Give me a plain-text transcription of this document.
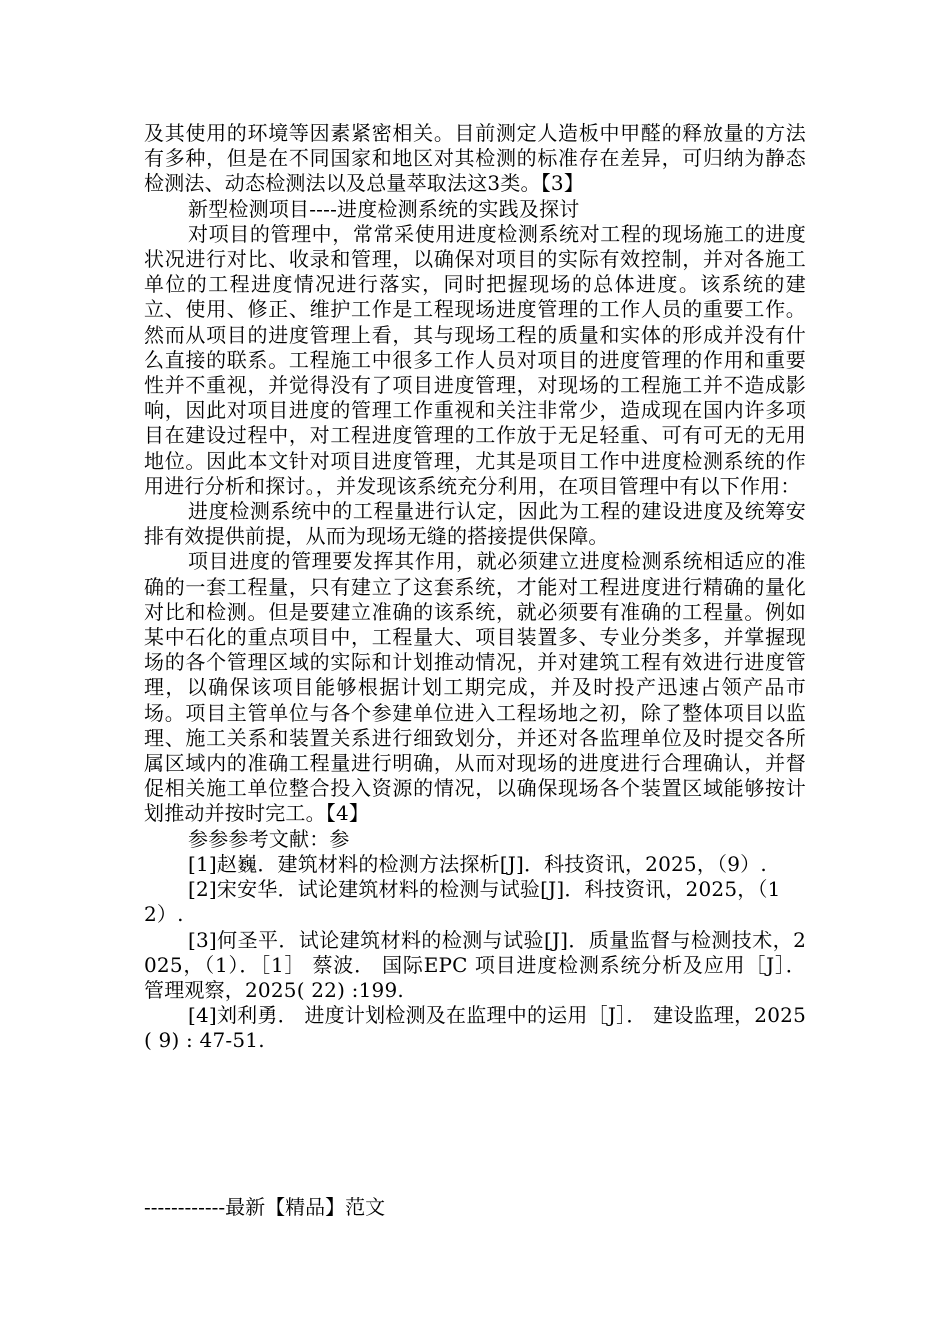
及其使用的环境等因素紧密相关。目前测定人造板中甲醛的释放量的方法有多种，但是在不同国家和地区对其检测的标准存在差异，可归纳为静态检测法、动态检测法以及总量萃取法这3类。【3】

新型检测项目----进度检测系统的实践及探讨

对项目的管理中，常常采使用进度检测系统对工程的现场施工的进度状况进行对比、收录和管理，以确保对项目的实际有效控制，并对各施工单位的工程进度情况进行落实，同时把握现场的总体进度。该系统的建立、使用、修正、维护工作是工程现场进度管理的工作人员的重要工作。然而从项目的进度管理上看，其与现场工程的质量和实体的形成并没有什么直接的联系。工程施工中很多工作人员对项目的进度管理的作用和重要性并不重视，并觉得没有了项目进度管理，对现场的工程施工并不造成影响，因此对项目进度的管理工作重视和关注非常少，造成现在国内许多项目在建设过程中，对工程进度管理的工作放于无足轻重、可有可无的无用地位。因此本文针对项目进度管理，尤其是项目工作中进度检测系统的作用进行分析和探讨。，并发现该系统充分利用，在项目管理中有以下作用：

进度检测系统中的工程量进行认定，因此为工程的建设进度及统筹安排有效提供前提，从而为现场无缝的搭接提供保障。

项目进度的管理要发挥其作用，就必须建立进度检测系统相适应的准确的一套工程量，只有建立了这套系统，才能对工程进度进行精确的量化对比和检测。但是要建立准确的该系统，就必须要有准确的工程量。例如某中石化的重点项目中，工程量大、项目装置多、专业分类多，并掌握现场的各个管理区域的实际和计划推动情况，并对建筑工程有效进行进度管理，以确保该项目能够根据计划工期完成，并及时投产迅速占领产品市场。项目主管单位与各个参建单位进入工程场地之初，除了整体项目以监理、施工关系和装置关系进行细致划分，并还对各监理单位及时提交各所属区域内的准确工程量进行明确，从而对现场的进度进行合理确认，并督促相关施工单位整合投入资源的情况，以确保现场各个装置区域能够按计划推动并按时完工。【4】

参参参考文献：参

[1]赵巍．建筑材料的检测方法探析[J]．科技资讯，2025，（9）.

[2]宋安华．试论建筑材料的检测与试验[J]．科技资讯，2025，（12）.

[3]何圣平．试论建筑材料的检测与试验[J]．质量监督与检测技术，2025，（1）．［1］ 蔡波． 国际EPC 项目进度检测系统分析及应用［J］．管理观察，2025( 22) :199.

[4]刘利勇． 进度计划检测及在监理中的运用［J］． 建设监理，2025( 9) : 47-51.

------------最新【精品】范文
